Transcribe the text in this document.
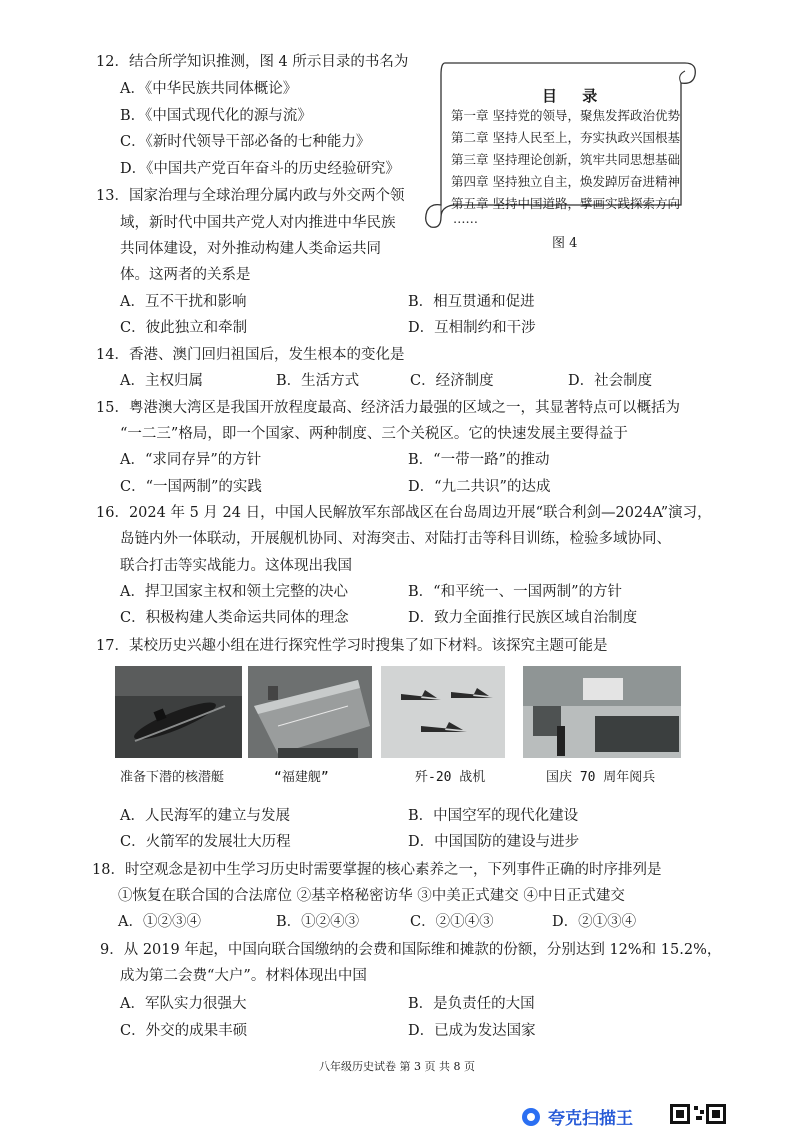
12．结合所学知识推测，图 4 所示目录的书名为
A．《中华民族共同体概论》
B．《中国式现代化的源与流》
C．《新时代领导干部必备的七种能力》
D．《中国共产党百年奋斗的历史经验研究》
目 录
第一章 坚持党的领导，聚焦发挥政治优势
第二章 坚持人民至上，夯实执政兴国根基
第三章 坚持理论创新，筑牢共同思想基础
第四章 坚持独立自主，焕发踔厉奋进精神
第五章 坚持中国道路，擘画实践探索方向
……
图 4
13．国家治理与全球治理分属内政与外交两个领
域，新时代中国共产党人对内推进中华民族
共同体建设，对外推动构建人类命运共同
体。这两者的关系是
A．互不干扰和影响	B．相互贯通和促进
C．彼此独立和牵制	D．互相制约和干涉
14．香港、澳门回归祖国后，发生根本的变化是
A．主权归属	B．生活方式	C．经济制度	D．社会制度
15．粤港澳大湾区是我国开放程度最高、经济活力最强的区域之一，其显著特点可以概括为
“一二三”格局，即一个国家、两种制度、三个关税区。它的快速发展主要得益于
A．“求同存异”的方针	B．“一带一路”的推动
C．“一国两制”的实践	D．“九二共识”的达成
16．2024 年 5 月 24 日，中国人民解放军东部战区在台岛周边开展“联合利剑—2024A”演习，
岛链内外一体联动，开展舰机协同、对海突击、对陆打击等科目训练，检验多域协同、
联合打击等实战能力。这体现出我国
A．捍卫国家主权和领土完整的决心	B．“和平统一、一国两制”的方针
C．积极构建人类命运共同体的理念	D．致力全面推行民族区域自治制度
17．某校历史兴趣小组在进行探究性学习时搜集了如下材料。该探究主题可能是
准备下潜的核潜艇	“福建舰”	歼-20 战机	国庆 70 周年阅兵
A．人民海军的建立与发展	B．中国空军的现代化建设
C．火箭军的发展壮大历程	D．中国国防的建设与进步
18．时空观念是初中生学习历史时需要掌握的核心素养之一，下列事件正确的时序排列是
①恢复在联合国的合法席位 ②基辛格秘密访华 ③中美正式建交 ④中日正式建交
A．①②③④	B．①②④③	C．②①④③	D．②①③④
9．从 2019 年起，中国向联合国缴纳的会费和国际维和摊款的份额，分别达到 12%和 15.2%，
成为第二会费“大户”。材料体现出中国
A．军队实力很强大	B．是负责任的大国
C．外交的成果丰硕	D．已成为发达国家
八年级历史试卷 第 3 页 共 8 页
夸克扫描王
